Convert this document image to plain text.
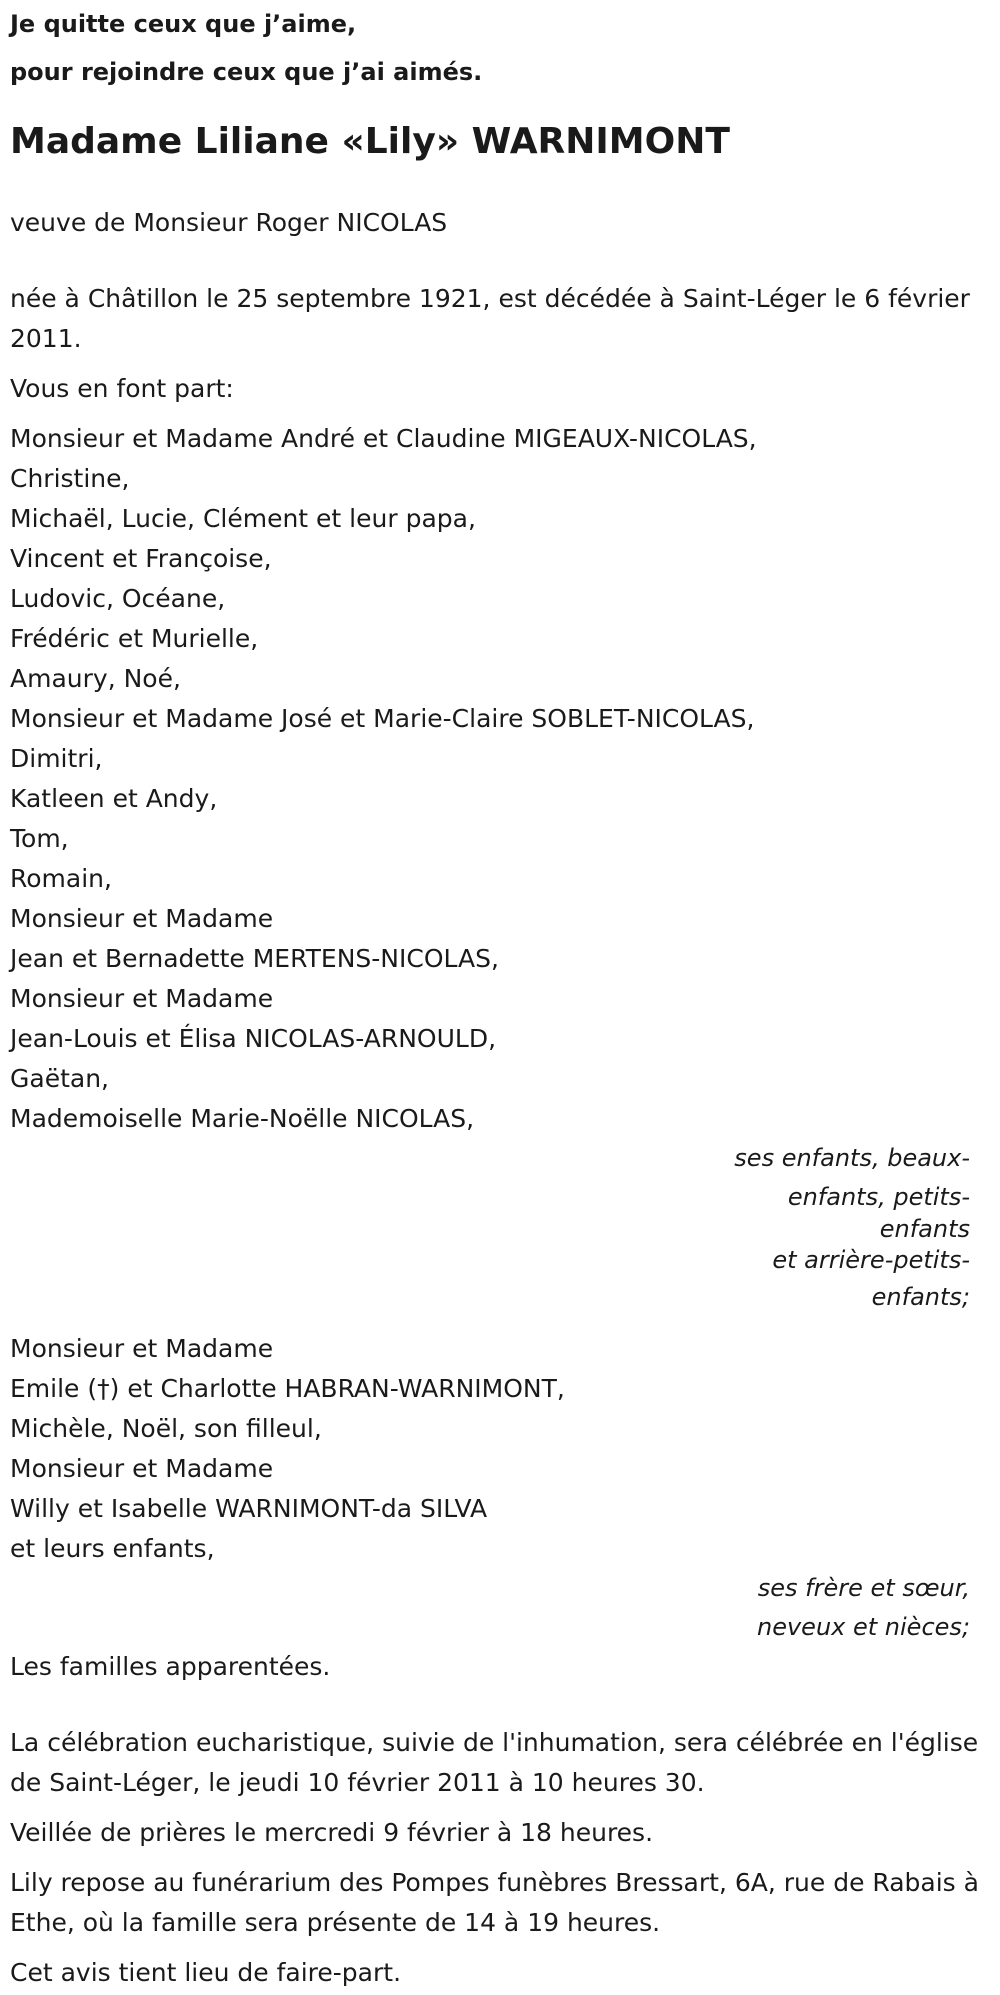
Je quitte ceux que j’aime,

pour rejoindre ceux que j’ai aimés.

Madame Liliane «Lily» WARNIMONT

veuve de Monsieur Roger NICOLAS

née à Châtillon le 25 septembre 1921, est décédée à Saint-Léger le 6 février 2011.

Vous en font part:

Monsieur et Madame André et Claudine MIGEAUX-NICOLAS,

Christine,

Michaël, Lucie, Clément et leur papa,

Vincent et Françoise,

Ludovic, Océane,

Frédéric et Murielle,

Amaury, Noé,

Monsieur et Madame José et Marie-Claire SOBLET-NICOLAS,

Dimitri,

Katleen et Andy,

Tom,

Romain,

Monsieur et Madame

Jean et Bernadette MERTENS-NICOLAS,

Monsieur et Madame

Jean-Louis et Élisa NICOLAS-ARNOULD,

Gaëtan,

Mademoiselle Marie-Noëlle NICOLAS,

ses enfants, beaux-

enfants, petits-

enfants

et arrière-petits-

enfants;

Monsieur et Madame

Emile (†) et Charlotte HABRAN-WARNIMONT,

Michèle, Noël, son filleul,

Monsieur et Madame

Willy et Isabelle WARNIMONT-da SILVA

et leurs enfants,

ses frère et sœur,

neveux et nièces;

Les familles apparentées.

La célébration eucharistique, suivie de l'inhumation, sera célébrée en l'église de Saint-Léger, le jeudi 10 février 2011 à 10 heures 30.

Veillée de prières le mercredi 9 février à 18 heures.

Lily repose au funérarium des Pompes funèbres Bressart, 6A, rue de Rabais à Ethe, où la famille sera présente de 14 à 19 heures.

Cet avis tient lieu de faire-part.
